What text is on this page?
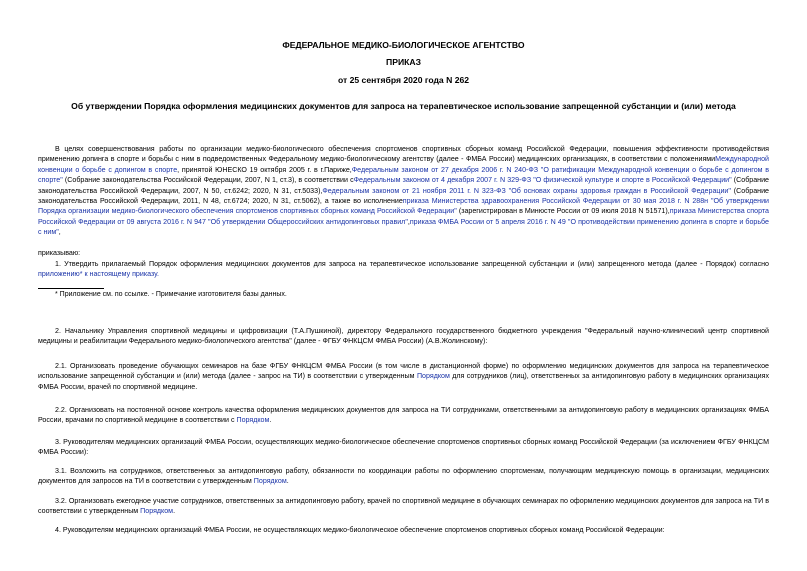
ФЕДЕРАЛЬНОЕ МЕДИКО-БИОЛОГИЧЕСКОЕ АГЕНТСТВО
ПРИКАЗ
от 25 сентября 2020 года N 262
Об утверждении Порядка оформления медицинских документов для запроса на терапевтическое использование запрещенной субстанции и (или) метода
В целях совершенствования работы по организации медико-биологического обеспечения спортсменов спортивных сборных команд Российской Федерации, повышения эффективности противодействия применению допинга в спорте и борьбы с ним в подведомственных Федеральному медико-биологическому агентству (далее - ФМБА России) медицинских организациях, в соответствии с положениямиМеждународной конвенции о борьбе с допингом в спорте, принятой ЮНЕСКО 19 октября 2005 г. в г.Париже,Федеральным законом от 27 декабря 2006 г. N 240-ФЗ "О ратификации Международной конвенции о борьбе с допингом в спорте" (Собрание законодательства Российской Федерации, 2007, N 1, ст.3), в соответствии сФедеральным законом от 4 декабря 2007 г. N 329-ФЗ "О физической культуре и спорте в Российской Федерации" (Собрание законодательства Российской Федерации, 2007, N 50, ст.6242; 2020, N 31, ст.5033),Федеральным законом от 21 ноября 2011 г. N 323-ФЗ "Об основах охраны здоровья граждан в Российской Федерации" (Собрание законодательства Российской Федерации, 2011, N 48, ст.6724; 2020, N 31, ст.5062), а также во исполнениеприказа Министерства здравоохранения Российской Федерации от 30 мая 2018 г. N 288н "Об утверждении Порядка организации медико-биологического обеспечения спортсменов спортивных сборных команд Российской Федерации" (зарегистрирован в Минюсте России от 09 июля 2018 N 51571),приказа Министерства спорта Российской Федерации от 09 августа 2016 г. N 947 "Об утверждении Общероссийских антидопинговых правил",приказа ФМБА России от 5 апреля 2016 г. N 49 "О противодействии применению допинга в спорте и борьбе с ним",
приказываю:
1. Утвердить прилагаемый Порядок оформления медицинских документов для запроса на терапевтическое использование запрещенной субстанции и (или) запрещенного метода (далее - Порядок) согласно приложению* к настоящему приказу.
* Приложение см. по ссылке. - Примечание изготовителя базы данных.
2. Начальнику Управления спортивной медицины и цифровизации (Т.А.Пушкиной), директору Федерального государственного бюджетного учреждения "Федеральный научно-клинический центр спортивной медицины и реабилитации Федерального медико-биологического агентства" (далее - ФГБУ ФНКЦСМ ФМБА России) (А.В.Жолинскому):
2.1. Организовать проведение обучающих семинаров на базе ФГБУ ФНКЦСМ ФМБА России (в том числе в дистанционной форме) по оформлению медицинских документов для запроса на терапевтическое использование запрещенной субстанции и (или) метода (далее - запрос на ТИ) в соответствии с утвержденным Порядком для сотрудников (лиц), ответственных за антидопинговую работу в медицинских организациях ФМБА России, врачей по спортивной медицине.
2.2. Организовать на постоянной основе контроль качества оформления медицинских документов для запроса на ТИ сотрудниками, ответственными за антидопинговую работу в медицинских организациях ФМБА России, врачами по спортивной медицине в соответствии с Порядком.
3. Руководителям медицинских организаций ФМБА России, осуществляющих медико-биологическое обеспечение спортсменов спортивных сборных команд Российской Федерации (за исключением ФГБУ ФНКЦСМ ФМБА России):
3.1. Возложить на сотрудников, ответственных за антидопинговую работу, обязанности по координации работы по оформлению спортсменам, получающим медицинскую помощь в организации, медицинских документов для запросов на ТИ в соответствии с утвержденным Порядком.
3.2. Организовать ежегодное участие сотрудников, ответственных за антидопинговую работу, врачей по спортивной медицине в обучающих семинарах по оформлению медицинских документов для запроса на ТИ в соответствии с утвержденным Порядком.
4. Руководителям медицинских организаций ФМБА России, не осуществляющих медико-биологическое обеспечение спортсменов спортивных сборных команд Российской Федерации:
